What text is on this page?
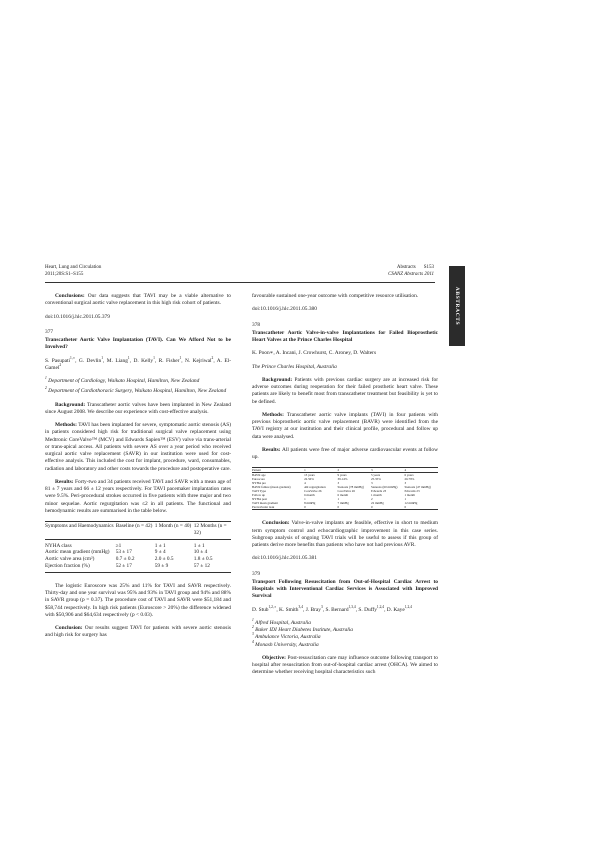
Heart, Lung and Circulation
2011;20S:S1–S155
Abstracts S153
CSANZ Abstracts 2011
ABSTRACTS

Conclusions: Our data suggests that TAVI may be a viable alternative to conventional surgical aortic valve replacement in this high risk cohort of patients.

doi:10.1016/j.hlc.2011.05.379

377

Transcatheter Aortic Valve Implantation (TAVI). Can We Afford Not to be Involved?

S. Pasupati$^{1,∗}$, G. Devlin$^1$, M. Liang$^1$, D. Kelly$^1$, R. Fisher$^1$, N. Kejriwal$^2$, A. El-Gamel$^2$

$^1$ Department of Cardiology, Waikato Hospital, Hamilton, New Zealand

$^2$ Department of Cardiothoracic Surgery, Waikato Hospital, Hamilton, New Zealand

Background: Transcatheter aortic valves have been implanted in New Zealand since August 2008. We describe our experience with cost-effective analysis.

Methods: TAVI has been implanted for severe, symptomatic aortic stenosis (AS) in patients considered high risk for traditional surgical valve replacement using Medtronic CoreValve™ (MCV) and Edwards Sapien™ (ESV) valve via trans-arterial or trans-apical access. All patients with severe AS over a year period who received surgical aortic valve replacement (SAVR) in our institution were used for cost-effective analysis. This included the cost for implant, procedure, ward, consumables, radiation and laboratory and other costs towards the procedure and postoperative care.

Results: Forty-two and 34 patients received TAVI and SAVR with a mean age of 81 ± 7 years and 66 ± 12 years respectively. For TAVI pacemaker implantation rates were 9.5%. Peri-procedural strokes occurred in five patients with three major and two minor sequelae. Aortic regurgitation was ≤2 in all patients. The functional and hemodynamic results are summarised in the table below.

Symptoms and Haemodynamics	Baseline (n = 42)	1 Month (n = 40)	12 Months (n = 32)
NYHA class	≥1	1 ± 1	1 ± 1
Aortic mean gradient (mmHg)	53 ± 17	9 ± 4	10 ± 4
Aortic valve area (cm²)	0.7 ± 0.2	2.0 ± 0.5	1.8 ± 0.5
Ejection fraction (%)	52 ± 17	59 ± 9	57 ± 12

The logistic Euroscore was 25% and 11% for TAVI and SAVR respectively. Thirty-day and one year survival was 95% and 93% in TAVI group and 94% and 88% in SAVR group (p = 0.37). The procedure cost of TAVI and SAVR were $51,184 and $58,744 respectively. In high risk patients (Euroscore > 20%) the difference widened with $50,906 and $64,634 respectively (p < 0.03).

Conclusion: Our results suggest TAVI for patients with severe aortic stenosis and high risk for surgery has

favourable sustained one-year outcome with competitive resource utilisation.

doi:10.1016/j.hlc.2011.05.380

378

Transcatheter Aortic Valve-in-valve Implantations for Failed Bioprosthetic Heart Valves at the Prince Charles Hospital

K. Poon∗, A. Incani, J. Crowhurst, C. Aroney, D. Walters

The Prince Charles Hospital, Australia

Background: Patients with previous cardiac surgery are at increased risk for adverse outcomes during reoperation for their failed prosthetic heart valve. These patients are likely to benefit most from transcatheter treatment but feasibility is yet to be defined.

Methods: Transcatheter aortic valve implants (TAVI) in four patients with previous bioprosthetic aortic valve replacement (BAVR) were identified from the TAVI registry at our institution and their clinical profile, procedural and follow up data were analysed.

Results: All patients were free of major adverse cardiovascular events at follow up.

Patient	1	2	3	4
BAVR age	13 years	9 years	5 years	6 years
Euroscore	22.56%	39.14%	25.35%	26.79%
NYHA pre	4	3	3	3
BAVR failure (mean gradient)	AR regurgitation	Stenosis (78 mmHg)	Stenosis (60 mmHg)	Stenosis (47 mmHg)
TAVI Type	CoreValve 26	CoreValve 26	Edwards 23	Edwards 23
Follow up	6 month	6 month	1 month	1 month
NYHA post	1	1	2	1
TAVI mean gradient	8 mmHg	7 mmHg	22 mmHg	12 mmHg
Paravalvular leak	0	0	0	0

Conclusion: Valve-in-valve implants are feasible, effective in short to medium term symptom control and echocardiographic improvement in this case series. Subgroup analysis of ongoing TAVI trials will be useful to assess if this group of patients derive more benefits than patients who have not had previous AVR.

doi:10.1016/j.hlc.2011.05.381

379

Transport Following Resuscitation from Out-of-Hospital Cardiac Arrest to Hospitals with Interventional Cardiac Services is Associated with Improved Survival

D. Stub$^{1,2,∗}$, K. Smith$^{3,4}$, J. Bray$^3$, S. Bernard$^{1,3,4}$, S. Duffy$^{1,2,4}$, D. Kaye$^{1,2,4}$

$^1$ Alfred Hospital, Australia

$^2$ Baker IDI Heart Diabetes Institute, Australia

$^3$ Ambulance Victoria, Australia

$^4$ Monash University, Australia

Objective: Post-resuscitation care may influence outcome following transport to hospital after resuscitation from out-of-hospital cardiac arrest (OHCA). We aimed to determine whether receiving hospital characteristics such
